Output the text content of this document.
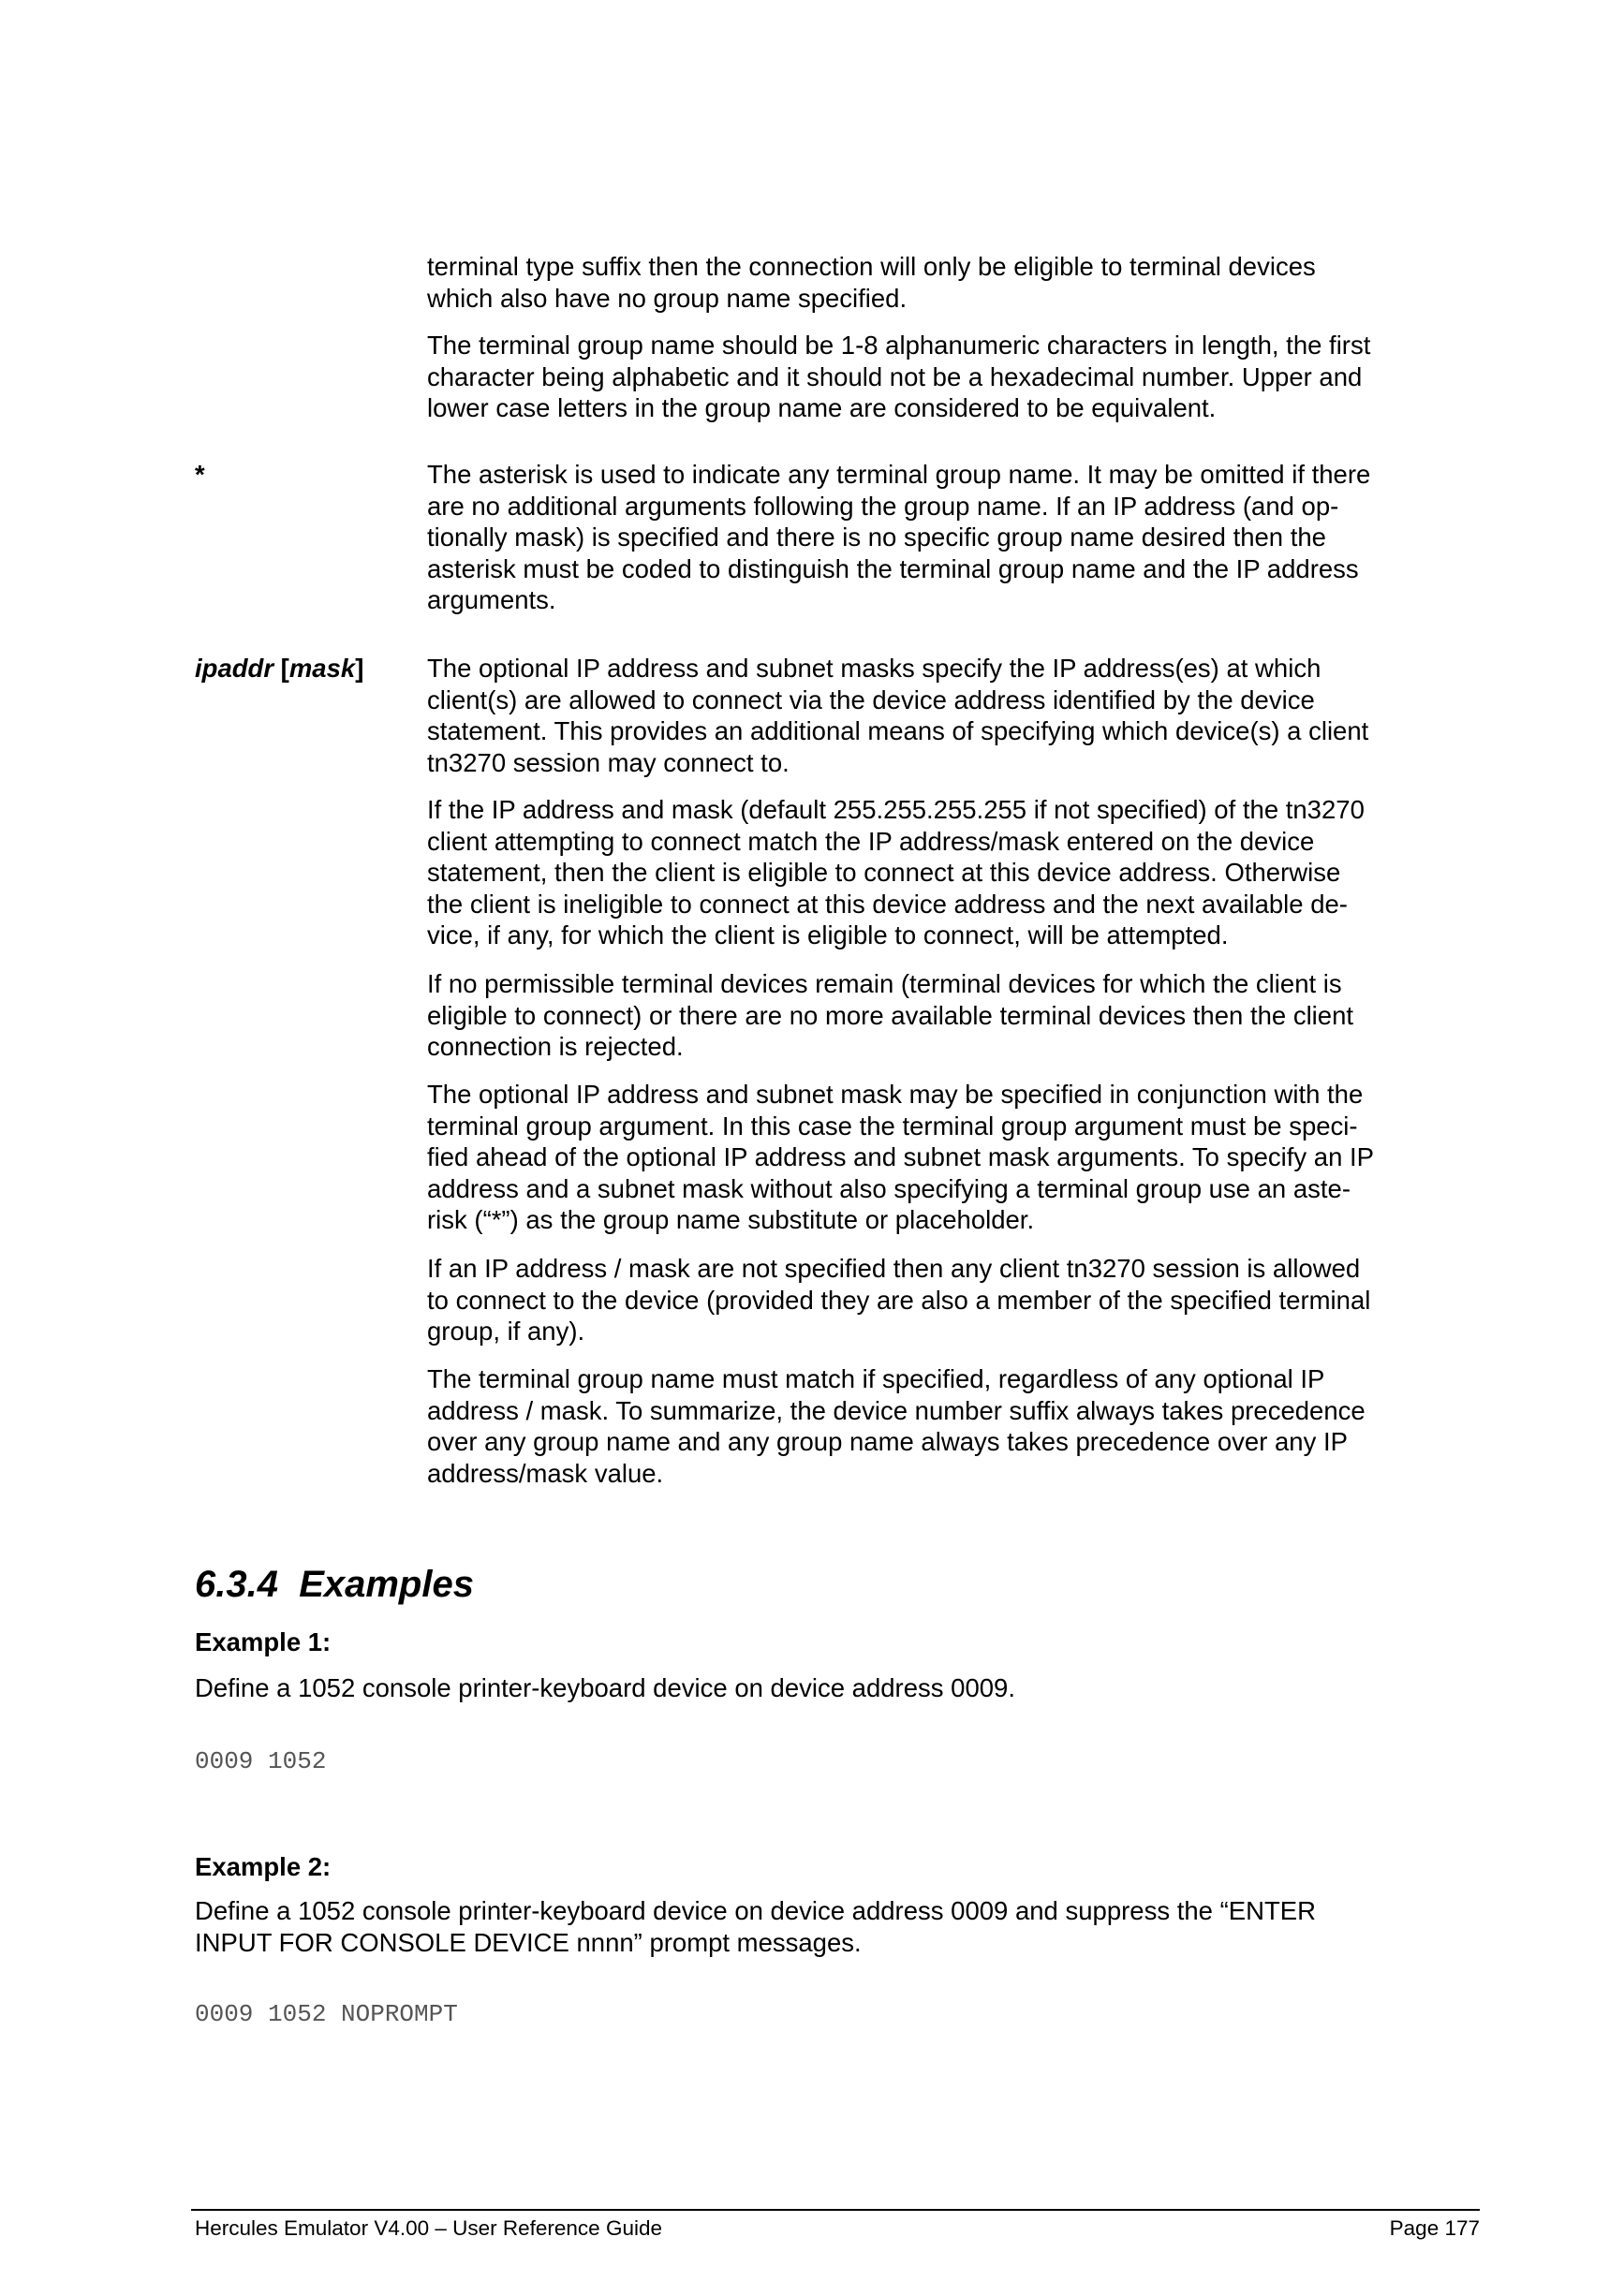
terminal type suffix then the connection will only be eligible to terminal devices
which also have no group name specified.
The terminal group name should be 1-8 alphanumeric characters in length, the first
character being alphabetic and it should not be a hexadecimal number. Upper and
lower case letters in the group name are considered to be equivalent.
*	The asterisk is used to indicate any terminal group name. It may be omitted if there
are no additional arguments following the group name. If an IP address (and op-
tionally mask) is specified and there is no specific group name desired then the
asterisk must be coded to distinguish the terminal group name and the IP address
arguments.
ipaddr [mask] The optional IP address and subnet masks specify the IP address(es) at which
client(s) are allowed to connect via the device address identified by the device
statement. This provides an additional means of specifying which device(s) a client
tn3270 session may connect to.
If the IP address and mask (default 255.255.255.255 if not specified) of the tn3270
client attempting to connect match the IP address/mask entered on the device
statement, then the client is eligible to connect at this device address. Otherwise
the client is ineligible to connect at this device address and the next available de-
vice, if any, for which the client is eligible to connect, will be attempted.
If no permissible terminal devices remain (terminal devices for which the client is
eligible to connect) or there are no more available terminal devices then the client
connection is rejected.
The optional IP address and subnet mask may be specified in conjunction with the
terminal group argument. In this case the terminal group argument must be speci-
fied ahead of the optional IP address and subnet mask arguments. To specify an IP
address and a subnet mask without also specifying a terminal group use an aste-
risk (“*”) as the group name substitute or placeholder.
If an IP address / mask are not specified then any client tn3270 session is allowed
to connect to the device (provided they are also a member of the specified terminal
group, if any).
The terminal group name must match if specified, regardless of any optional IP
address / mask. To summarize, the device number suffix always takes precedence
over any group name and any group name always takes precedence over any IP
address/mask value.
6.3.4  Examples
Example 1:
Define a 1052 console printer-keyboard device on device address 0009.
0009 1052
Example 2:
Define a 1052 console printer-keyboard device on device address 0009 and suppress the “ENTER
INPUT FOR CONSOLE DEVICE nnnn” prompt messages.
0009 1052 NOPROMPT
Hercules Emulator V4.00 – User Reference Guide	Page 177
